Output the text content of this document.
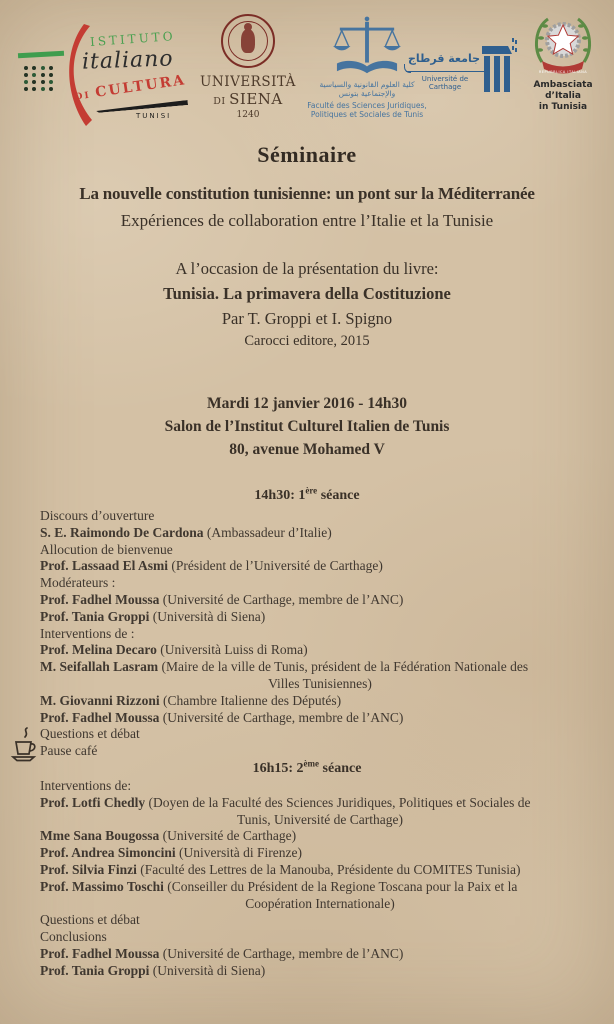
ISTITUTO
italiano
DI CULTURA
TUNISI
UNIVERSITÀ
DI SIENA
1240
كلية العلوم القانونية والسياسية
والإجتماعية بتونس
Faculté des Sciences Juridiques,
Politiques et Sociales de Tunis
جامعة قرطاج
Université de Carthage
REPUBBLICA ITALIANA
Ambasciata d’Italia
in Tunisia
Séminaire
La nouvelle constitution tunisienne: un pont sur la Méditerranée
Expériences de collaboration entre l’Italie et la Tunisie
A l’occasion de la présentation du livre:
Tunisia. La primavera della Costituzione
Par T. Groppi et I. Spigno
Carocci editore, 2015
Mardi 12 janvier 2016 - 14h30
Salon de l’Institut Culturel Italien de Tunis
80, avenue Mohamed V
14h30: 1ère séance
Discours d’ouverture
S. E. Raimondo De Cardona (Ambassadeur d’Italie)
Allocution de bienvenue
Prof. Lassaad El Asmi (Président de l’Université de Carthage)
Modérateurs :
Prof. Fadhel Moussa (Université de Carthage, membre de l’ANC)
Prof. Tania Groppi (Università di Siena)
Interventions de :
Prof. Melina Decaro (Università Luiss di Roma)
M. Seifallah Lasram (Maire de la ville de Tunis, président de la Fédération Nationale des
Villes Tunisiennes)
M. Giovanni Rizzoni (Chambre Italienne des Députés)
Prof. Fadhel Moussa (Université de Carthage, membre de l’ANC)
Questions et débat
Pause café
16h15: 2ème séance
Interventions de:
Prof. Lotfi Chedly (Doyen de la Faculté des Sciences Juridiques, Politiques et Sociales de
Tunis, Université de Carthage)
Mme Sana Bougossa (Université de Carthage)
Prof. Andrea Simoncini (Università di Firenze)
Prof. Silvia Finzi (Faculté des Lettres de la Manouba, Présidente du COMITES Tunisia)
Prof. Massimo Toschi (Conseiller du Président de la Regione Toscana pour la Paix et la
Coopération Internationale)
Questions et débat
Conclusions
Prof. Fadhel Moussa (Université de Carthage, membre de l’ANC)
Prof. Tania Groppi (Università di Siena)
